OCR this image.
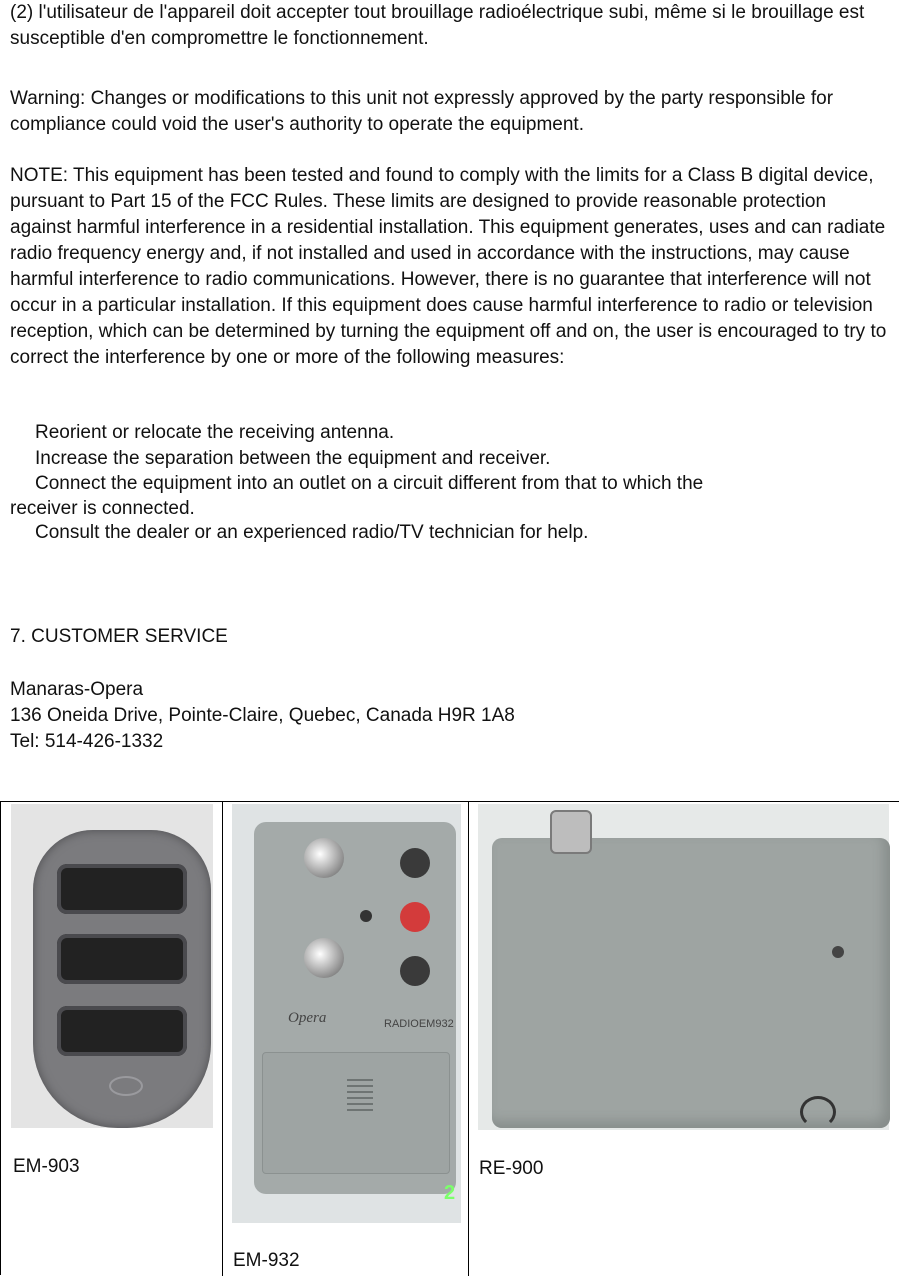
(2) l'utilisateur de l'appareil doit accepter tout brouillage radioélectrique subi, même si le brouillage est susceptible d'en compromettre le fonctionnement.

Warning: Changes or modifications to this unit not expressly approved by the party responsible for compliance could void the user's authority to operate the equipment.

NOTE: This equipment has been tested and found to comply with the limits for a Class B digital device, pursuant to Part 15 of the FCC Rules. These limits are designed to provide reasonable protection against harmful interference in a residential installation. This equipment generates, uses and can radiate radio frequency energy and, if not installed and used in accordance with the instructions, may cause harmful interference to radio communications. However, there is no guarantee that interference will not occur in a particular installation. If this equipment does cause harmful interference to radio or television reception, which can be determined by turning the equipment off and on, the user is encouraged to try to correct the interference by one or more of the following measures:

Reorient or relocate the receiving antenna.

Increase the separation between the equipment and receiver.

Connect the equipment into an outlet on a circuit different from that to which the

receiver is connected.

Consult the dealer or an experienced radio/TV technician for help.

7. CUSTOMER SERVICE

Manaras-Opera

136 Oneida Drive, Pointe-Claire, Quebec, Canada H9R 1A8

Tel: 514-426-1332

EM-903
Opera	RADIOEM932
2
EM-932
RE-900
